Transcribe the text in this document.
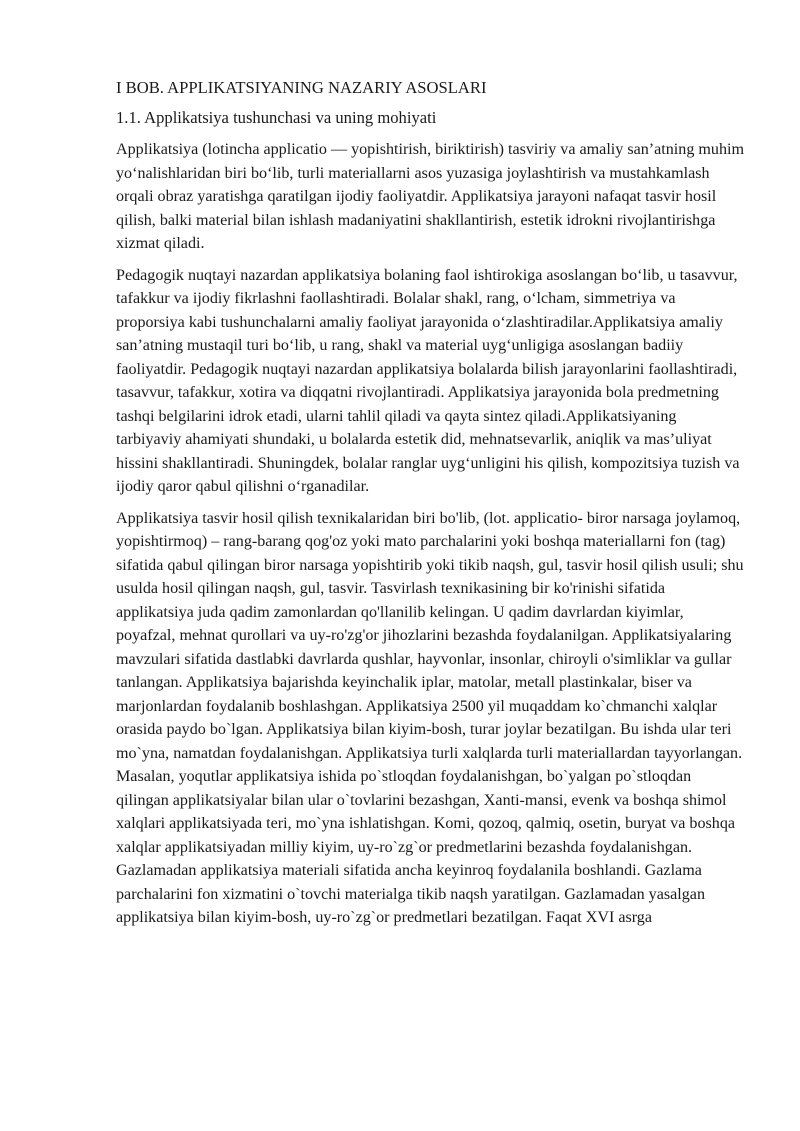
I BOB. APPLIKATSIYANING NAZARIY ASOSLARI
1.1. Applikatsiya tushunchasi va uning mohiyati

Applikatsiya (lotincha applicatio — yopishtirish, biriktirish) tasviriy va amaliy san’atning muhim yo‘nalishlaridan biri bo‘lib, turli materiallarni asos yuzasiga joylashtirish va mustahkamlash orqali obraz yaratishga qaratilgan ijodiy faoliyatdir. Applikatsiya jarayoni nafaqat tasvir hosil qilish, balki material bilan ishlash madaniyatini shakllantirish, estetik idrokni rivojlantirishga xizmat qiladi.

Pedagogik nuqtayi nazardan applikatsiya bolaning faol ishtirokiga asoslangan bo‘lib, u tasavvur, tafakkur va ijodiy fikrlashni faollashtiradi. Bolalar shakl, rang, o‘lcham, simmetriya va proporsiya kabi tushunchalarni amaliy faoliyat jarayonida o‘zlashtiradilar.Applikatsiya amaliy san’atning mustaqil turi bo‘lib, u rang, shakl va material uyg‘unligiga asoslangan badiiy faoliyatdir. Pedagogik nuqtayi nazardan applikatsiya bolalarda bilish jarayonlarini faollashtiradi, tasavvur, tafakkur, xotira va diqqatni rivojlantiradi. Applikatsiya jarayonida bola predmetning tashqi belgilarini idrok etadi, ularni tahlil qiladi va qayta sintez qiladi.Applikatsiyaning tarbiyaviy ahamiyati shundaki, u bolalarda estetik did, mehnatsevarlik, aniqlik va mas’uliyat hissini shakllantiradi. Shuningdek, bolalar ranglar uyg‘unligini his qilish, kompozitsiya tuzish va ijodiy qaror qabul qilishni o‘rganadilar.

Applikatsiya tasvir hosil qilish texnikalaridan biri bo'lib, (lot. applicatio- biror narsaga joylamoq, yopishtirmoq) – rang-barang qog'oz yoki mato parchalarini yoki boshqa materiallarni fon (tag) sifatida qabul qilingan biror narsaga yopishtirib yoki tikib naqsh, gul, tasvir hosil qilish usuli; shu usulda hosil qilingan naqsh, gul, tasvir. Tasvirlash texnikasining bir ko'rinishi sifatida applikatsiya juda qadim zamonlardan qo'llanilib kelingan. U qadim davrlardan kiyimlar, poyafzal, mehnat qurollari va uy-ro'zg'or jihozlarini bezashda foydalanilgan. Applikatsiyalaring mavzulari sifatida dastlabki davrlarda qushlar, hayvonlar, insonlar, chiroyli o'simliklar va gullar tanlangan. Applikatsiya bajarishda keyinchalik iplar, matolar, metall plastinkalar, biser va marjonlardan foydalanib boshlashgan. Applikatsiya 2500 yil muqaddam ko`chmanchi xalqlar orasida paydo bo`lgan. Applikatsiya bilan kiyim-bosh, turar joylar bezatilgan. Bu ishda ular teri mo`yna, namatdan foydalanishgan. Applikatsiya turli xalqlarda turli materiallardan tayyorlangan. Masalan, yoqutlar applikatsiya ishida po`stloqdan foydalanishgan, bo`yalgan po`stloqdan qilingan applikatsiyalar bilan ular o`tovlarini bezashgan, Xanti-mansi, evenk va boshqa shimol xalqlari applikatsiyada teri, mo`yna ishlatishgan. Komi, qozoq, qalmiq, osetin, buryat va boshqa xalqlar applikatsiyadan milliy kiyim, uy-ro`zg`or predmetlarini bezashda foydalanishgan. Gazlamadan applikatsiya materiali sifatida ancha keyinroq foydalanila boshlandi. Gazlama parchalarini fon xizmatini o`tovchi materialga tikib naqsh yaratilgan. Gazlamadan yasalgan applikatsiya bilan kiyim-bosh, uy-ro`zg`or predmetlari bezatilgan. Faqat XVI asrga
